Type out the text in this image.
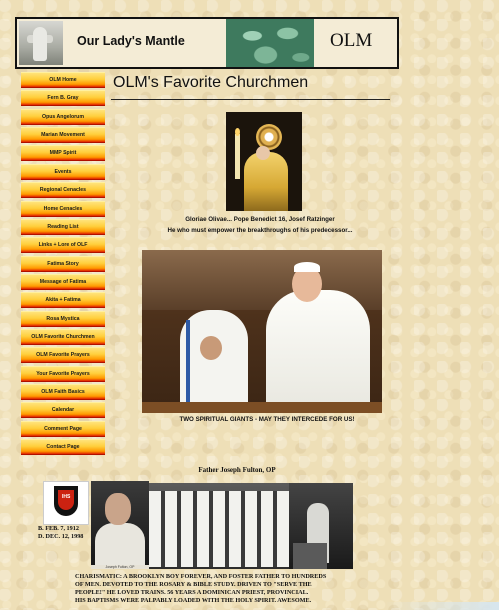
Our Lady's Mantle	OLM
OLM Home
Fern B. Gray
Opus Angelorum
Marian Movement
MMP Spirit
Events
Regional Cenacles
Home Cenacles
Reading List
Links + Lore of OLF
Fatima Story
Message of Fatima
Akita + Fatima
Rosa Mystica
OLM Favorite Churchmen
OLM Favorite Prayers
Your Favorite Prayers
OLM Faith Basics
Calendar
Comment Page
Contact Page
OLM's Favorite Churchmen
Gloriae Olivae... Pope Benedict 16, Josef Ratzinger
He who must empower the breakthroughs of his predecessor...
TWO SPIRITUAL GIANTS - MAY THEY INTERCEDE FOR US!
Father Joseph Fulton, OP
IHS
B. FEB. 7, 1912
D. DEC. 12, 1998
Joseph Fulton, OP
CHARISMATIC: A BROOKLYN BOY FOREVER, AND FOSTER FATHER TO HUNDREDS
OF MEN. DEVOTED TO THE ROSARY & BIBLE STUDY. DRIVEN TO "SERVE THE
PEOPLE!" HE LOVED TRAINS. 56 YEARS A DOMINICAN PRIEST, PROVINCIAL.
HIS BAPTISMS WERE PALPABLY LOADED WITH THE HOLY SPIRIT. AWESOME.
